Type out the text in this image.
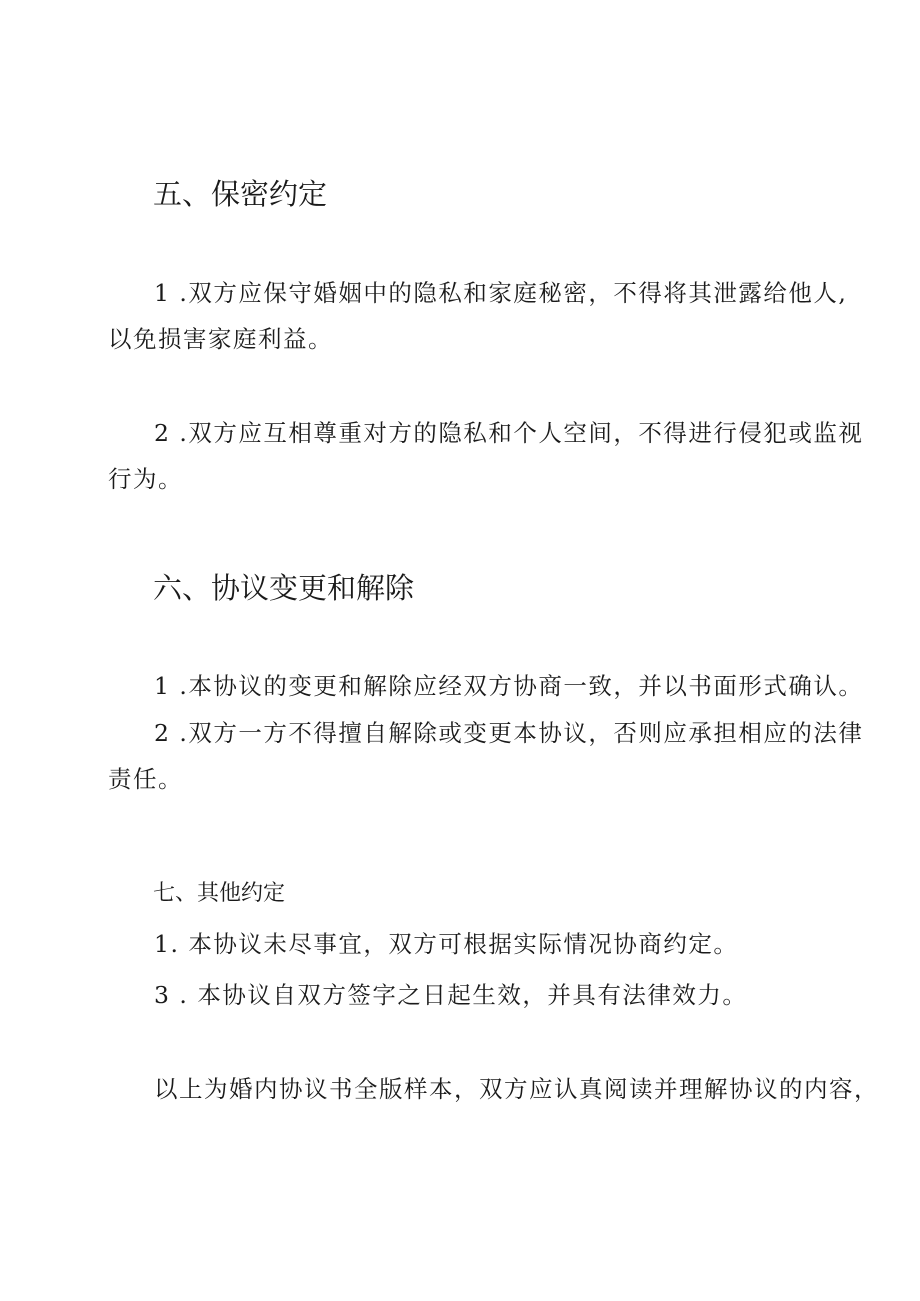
五、保密约定
1 .双方应保守婚姻中的隐私和家庭秘密，不得将其泄露给他人,
以免损害家庭利益。
2 .双方应互相尊重对方的隐私和个人空间，不得进行侵犯或监视
行为。
六、协议变更和解除
1 .本协议的变更和解除应经双方协商一致，并以书面形式确认。
2 .双方一方不得擅自解除或变更本协议，否则应承担相应的法律
责任。
七、其他约定
1. 本协议未尽事宜，双方可根据实际情况协商约定。
3 . 本协议自双方签字之日起生效，并具有法律效力。
以上为婚内协议书全版样本，双方应认真阅读并理解协议的内容，
